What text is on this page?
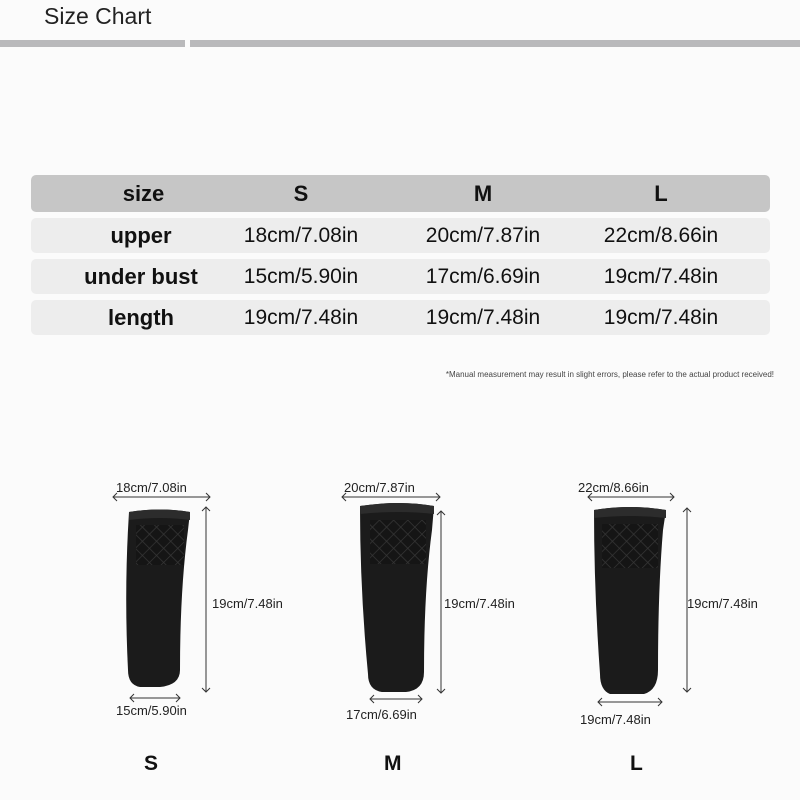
Size Chart
size	S	M	L
upper	18cm/7.08in	20cm/7.87in	22cm/8.66in
under bust	15cm/5.90in	17cm/6.69in	19cm/7.48in
length	19cm/7.48in	19cm/7.48in	19cm/7.48in
*Manual measurement may result in slight errors, please refer to the actual product received!
18cm/7.08in
19cm/7.48in
15cm/5.90in
S
20cm/7.87in
19cm/7.48in
17cm/6.69in
M
22cm/8.66in
19cm/7.48in
19cm/7.48in
L
